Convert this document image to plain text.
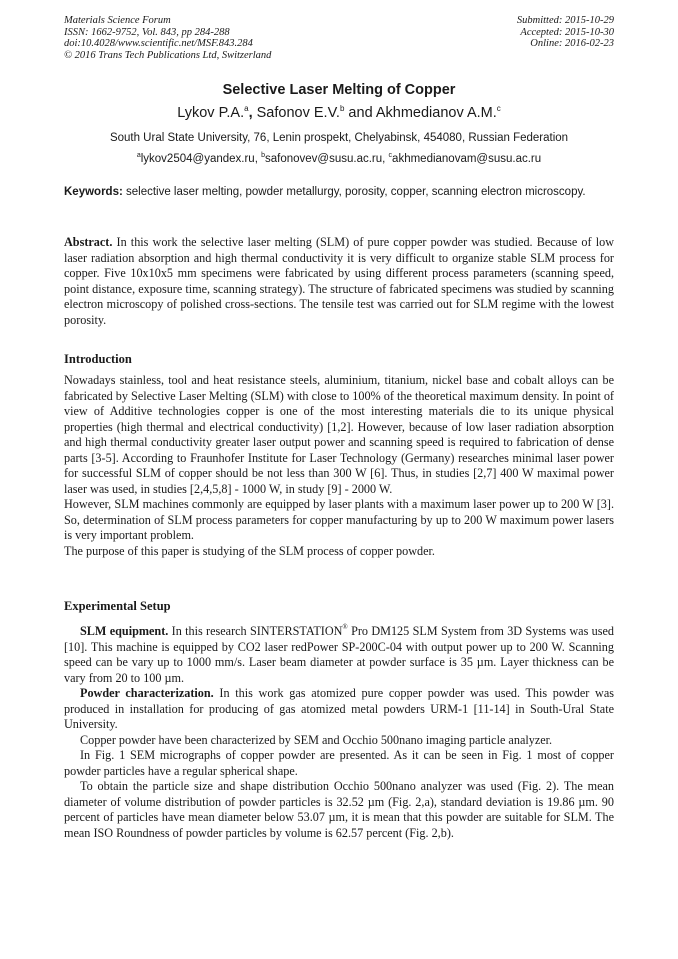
Materials Science Forum
ISSN: 1662-9752, Vol. 843, pp 284-288
doi:10.4028/www.scientific.net/MSF.843.284
© 2016 Trans Tech Publications Ltd, Switzerland
Submitted: 2015-10-29
Accepted: 2015-10-30
Online: 2016-02-23
Selective Laser Melting of Copper
Lykov P.A.$^a$, Safonov E.V.$^b$ and Akhmedianov A.M.$^c$
South Ural State University, 76, Lenin prospekt, Chelyabinsk, 454080, Russian Federation
$^a$lykov2504@yandex.ru, $^b$safonovev@susu.ac.ru, $^c$akhmedianovam@susu.ac.ru
Keywords: selective laser melting, powder metallurgy, porosity, copper, scanning electron microscopy.

Abstract. In this work the selective laser melting (SLM) of pure copper powder was studied. Because of low laser radiation absorption and high thermal conductivity it is very difficult to organize stable SLM process for copper. Five 10x10x5 mm specimens were fabricated by using different process parameters (scanning speed, point distance, exposure time, scanning strategy). The structure of fabricated specimens was studied by scanning electron microscopy of polished cross-sections. The tensile test was carried out for SLM regime with the lowest porosity.

Introduction

Nowadays stainless, tool and heat resistance steels, aluminium, titanium, nickel base and cobalt alloys can be fabricated by Selective Laser Melting (SLM) with close to 100% of the theoretical maximum density. In point of view of Additive technologies copper is one of the most interesting materials die to its unique physical properties (high thermal and electrical conductivity) [1,2]. However, because of low laser radiation absorption and high thermal conductivity greater laser output power and scanning speed is required to fabrication of dense parts [3-5]. According to Fraunhofer Institute for Laser Technology (Germany) researches minimal laser power for successful SLM of copper should be not less than 300 W [6]. Thus, in studies [2,7] 400 W maximal power laser was used, in studies [2,4,5,8] - 1000 W, in study [9] - 2000 W.

However, SLM machines commonly are equipped by laser plants with a maximum laser power up to 200 W [3]. So, determination of SLM process parameters for copper manufacturing by up to 200 W maximum power lasers is very important problem.

The purpose of this paper is studying of the SLM process of copper powder.

Experimental Setup

SLM equipment. In this research SINTERSTATION® Pro DM125 SLM System from 3D Systems was used [10]. This machine is equipped by CO2 laser redPower SP-200C-04 with output power up to 200 W. Scanning speed can be vary up to 1000 mm/s. Laser beam diameter at powder surface is 35 µm. Layer thickness can be vary from 20 to 100 µm.

Powder characterization. In this work gas atomized pure copper powder was used. This powder was produced in installation for producing of gas atomized metal powders URM-1 [11-14] in South-Ural State University.

Copper powder have been characterized by SEM and Occhio 500nano imaging particle analyzer.

In Fig. 1 SEM micrographs of copper powder are presented. As it can be seen in Fig. 1 most of copper powder particles have a regular spherical shape.

To obtain the particle size and shape distribution Occhio 500nano analyzer was used (Fig. 2). The mean diameter of volume distribution of powder particles is 32.52 µm (Fig. 2,a), standard deviation is 19.86 µm. 90 percent of particles have mean diameter below 53.07 µm, it is mean that this powder are suitable for SLM. The mean ISO Roundness of powder particles by volume is 62.57 percent (Fig. 2,b).
